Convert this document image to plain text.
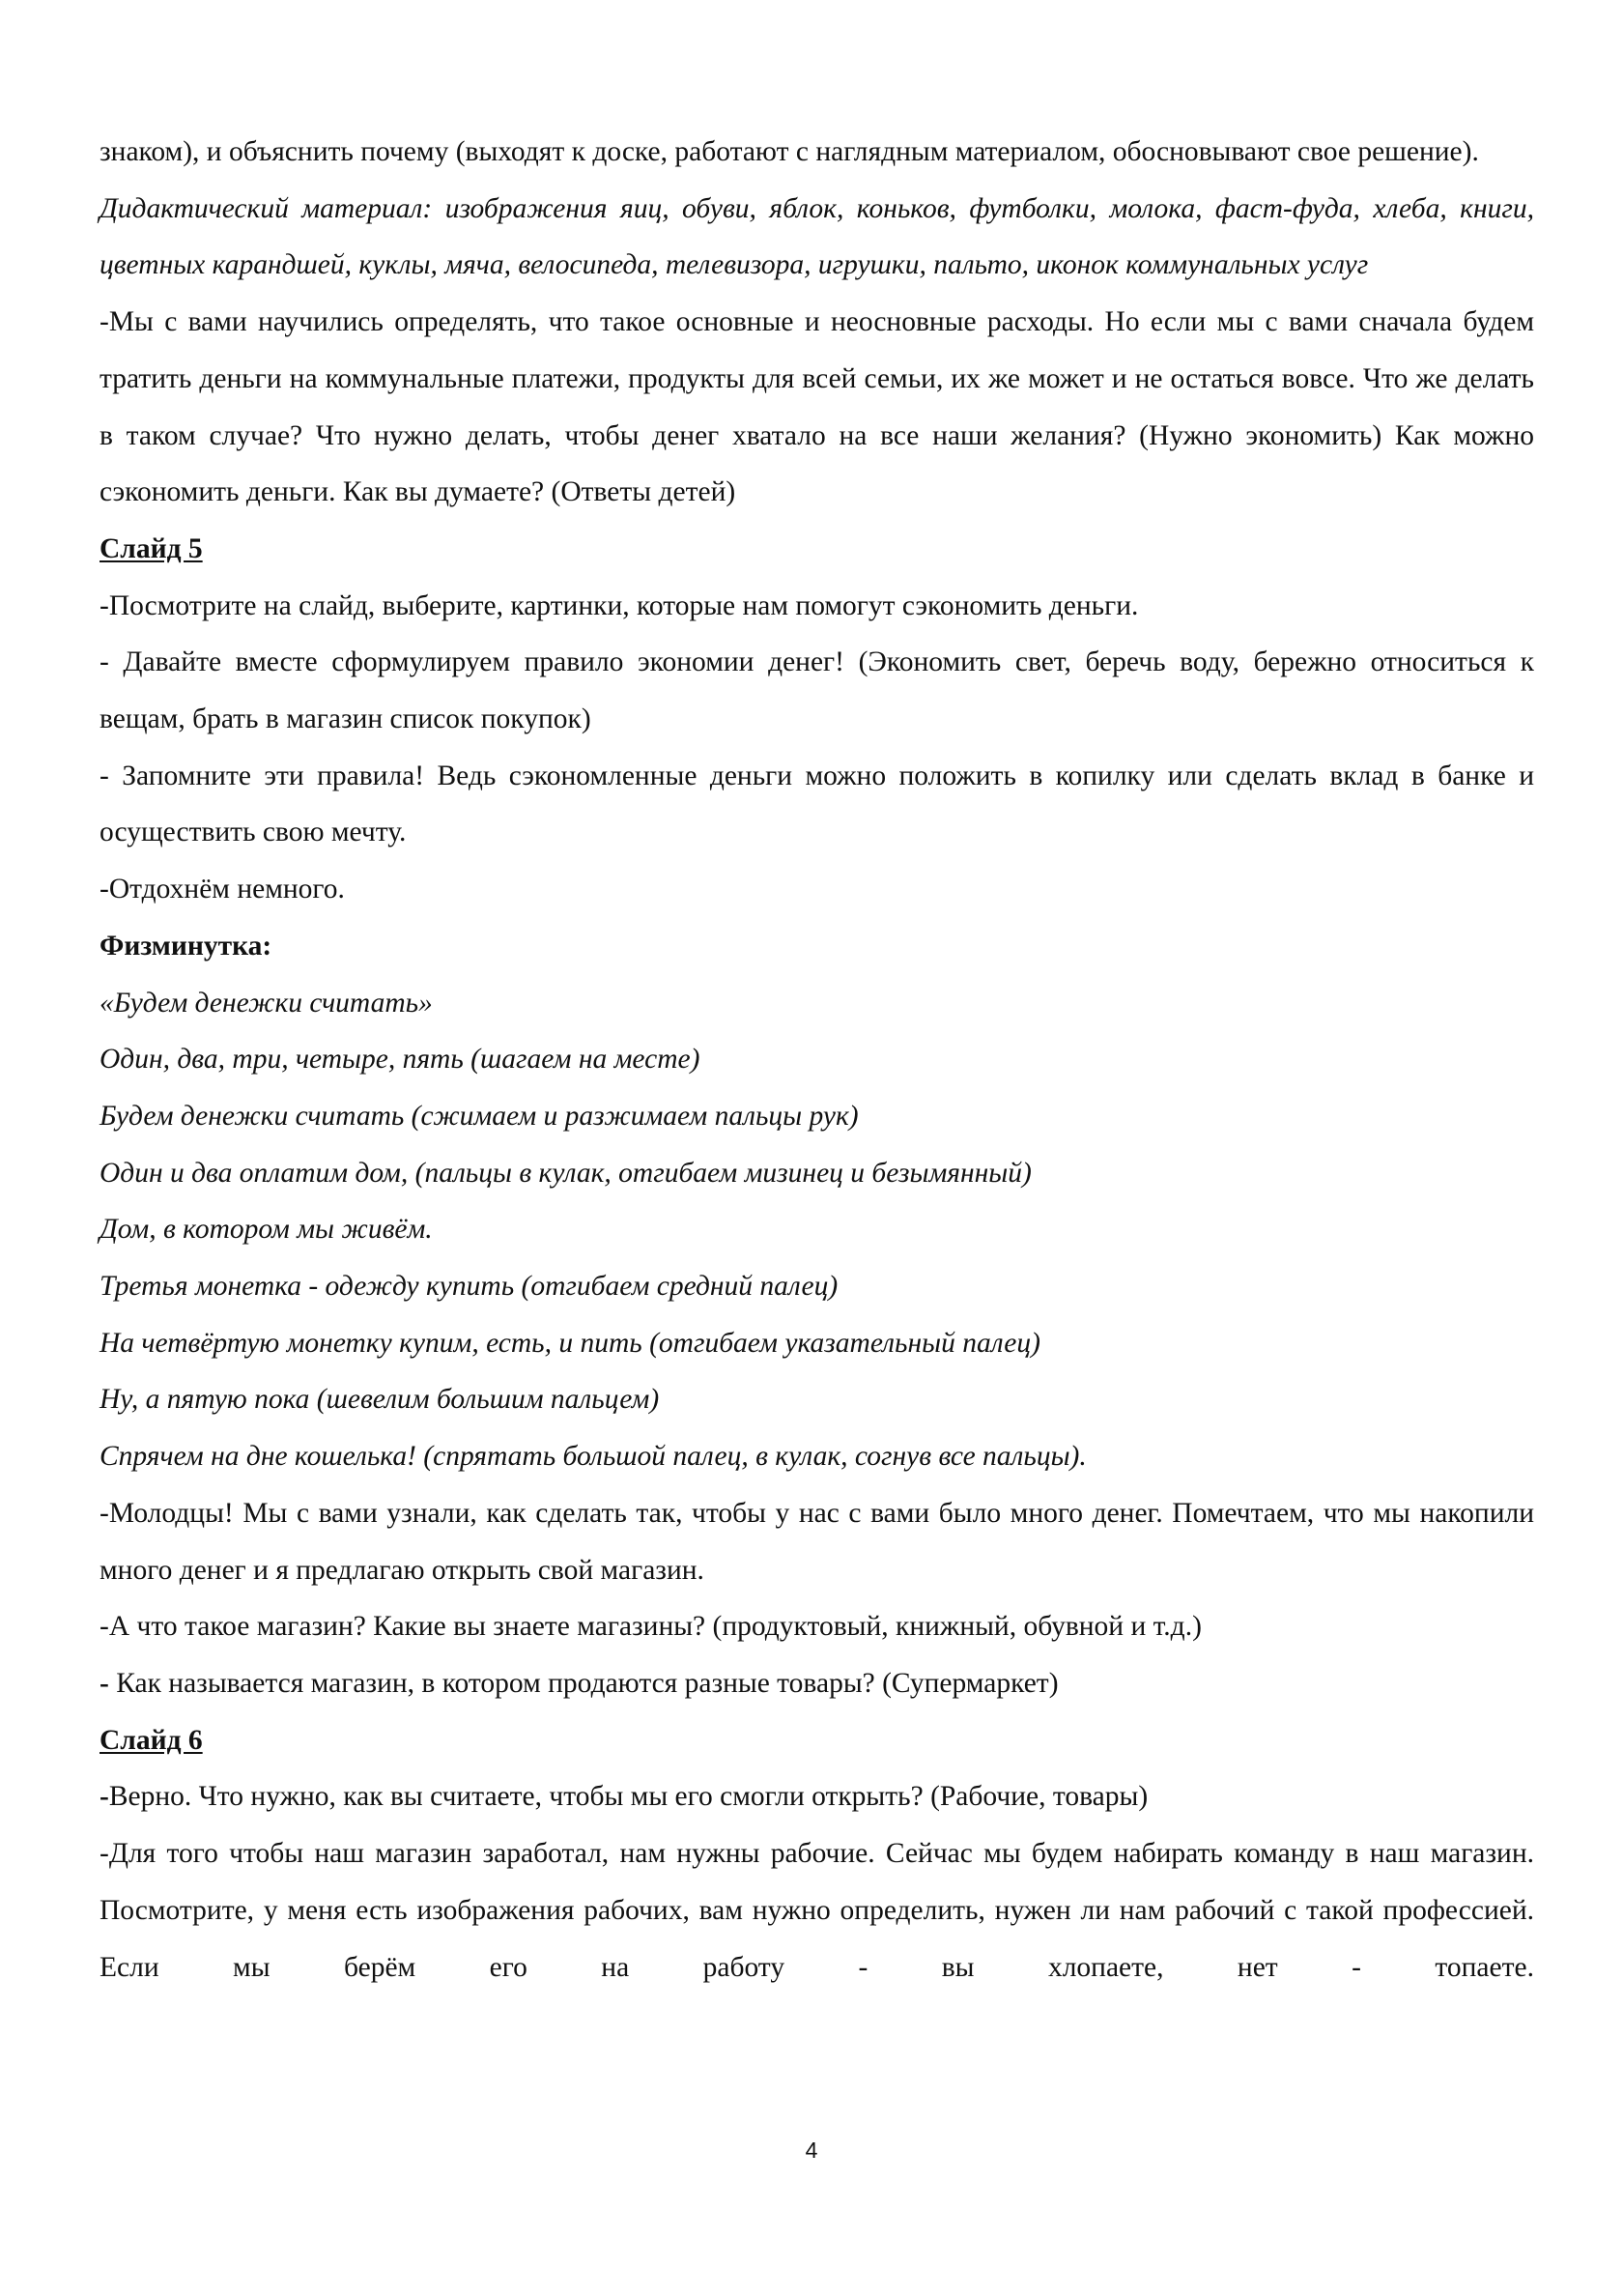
знаком), и объяснить почему (выходят к доске, работают с наглядным материалом, обосновывают свое решение).

Дидактический материал: изображения яиц, обуви, яблок, коньков, футболки, молока, фаст-фуда, хлеба, книги, цветных карандшей, куклы, мяча, велосипеда, телевизора, игрушки, пальто, иконок коммунальных услуг

-Мы с вами научились определять, что такое основные и неосновные расходы. Но если мы с вами сначала будем тратить деньги на коммунальные платежи, продукты для всей семьи, их же может и не остаться вовсе. Что же делать в таком случае? Что нужно делать, чтобы денег хватало на все наши желания? (Нужно экономить) Как можно сэкономить деньги. Как вы думаете? (Ответы детей)

Слайд 5

-Посмотрите на слайд, выберите, картинки, которые нам помогут сэкономить деньги.

- Давайте вместе сформулируем правило экономии денег! (Экономить свет, беречь воду, бережно относиться к вещам, брать в магазин список покупок)

- Запомните эти правила! Ведь сэкономленные деньги можно положить в копилку или сделать вклад в банке и осуществить свою мечту.

-Отдохнём немного.

Физминутка:

«Будем денежки считать»

Один, два, три, четыре, пять (шагаем на месте)

Будем денежки считать (сжимаем и разжимаем пальцы рук)

Один и два оплатим дом, (пальцы в кулак, отгибаем мизинец и безымянный)

Дом, в котором мы живём.

Третья монетка - одежду купить (отгибаем средний палец)

На четвёртую монетку купим, есть, и пить (отгибаем указательный палец)

Ну, а пятую пока (шевелим большим пальцем)

Спрячем на дне кошелька! (спрятать большой палец, в кулак, согнув все пальцы).

-Молодцы! Мы с вами узнали, как сделать так, чтобы у нас с вами было много денег. Помечтаем, что мы накопили много денег и я предлагаю открыть свой магазин.

-А что такое магазин? Какие вы знаете магазины? (продуктовый, книжный, обувной и т.д.)

- Как называется магазин, в котором продаются разные товары? (Супермаркет)

Слайд 6

-Верно. Что нужно, как вы считаете, чтобы мы его смогли открыть? (Рабочие, товары)

-Для того чтобы наш магазин заработал, нам нужны рабочие. Сейчас мы будем набирать команду в наш магазин. Посмотрите, у меня есть изображения рабочих, вам нужно определить, нужен ли нам рабочий с такой профессией. Если мы берём его на работу - вы хлопаете, нет - топаете.

4
